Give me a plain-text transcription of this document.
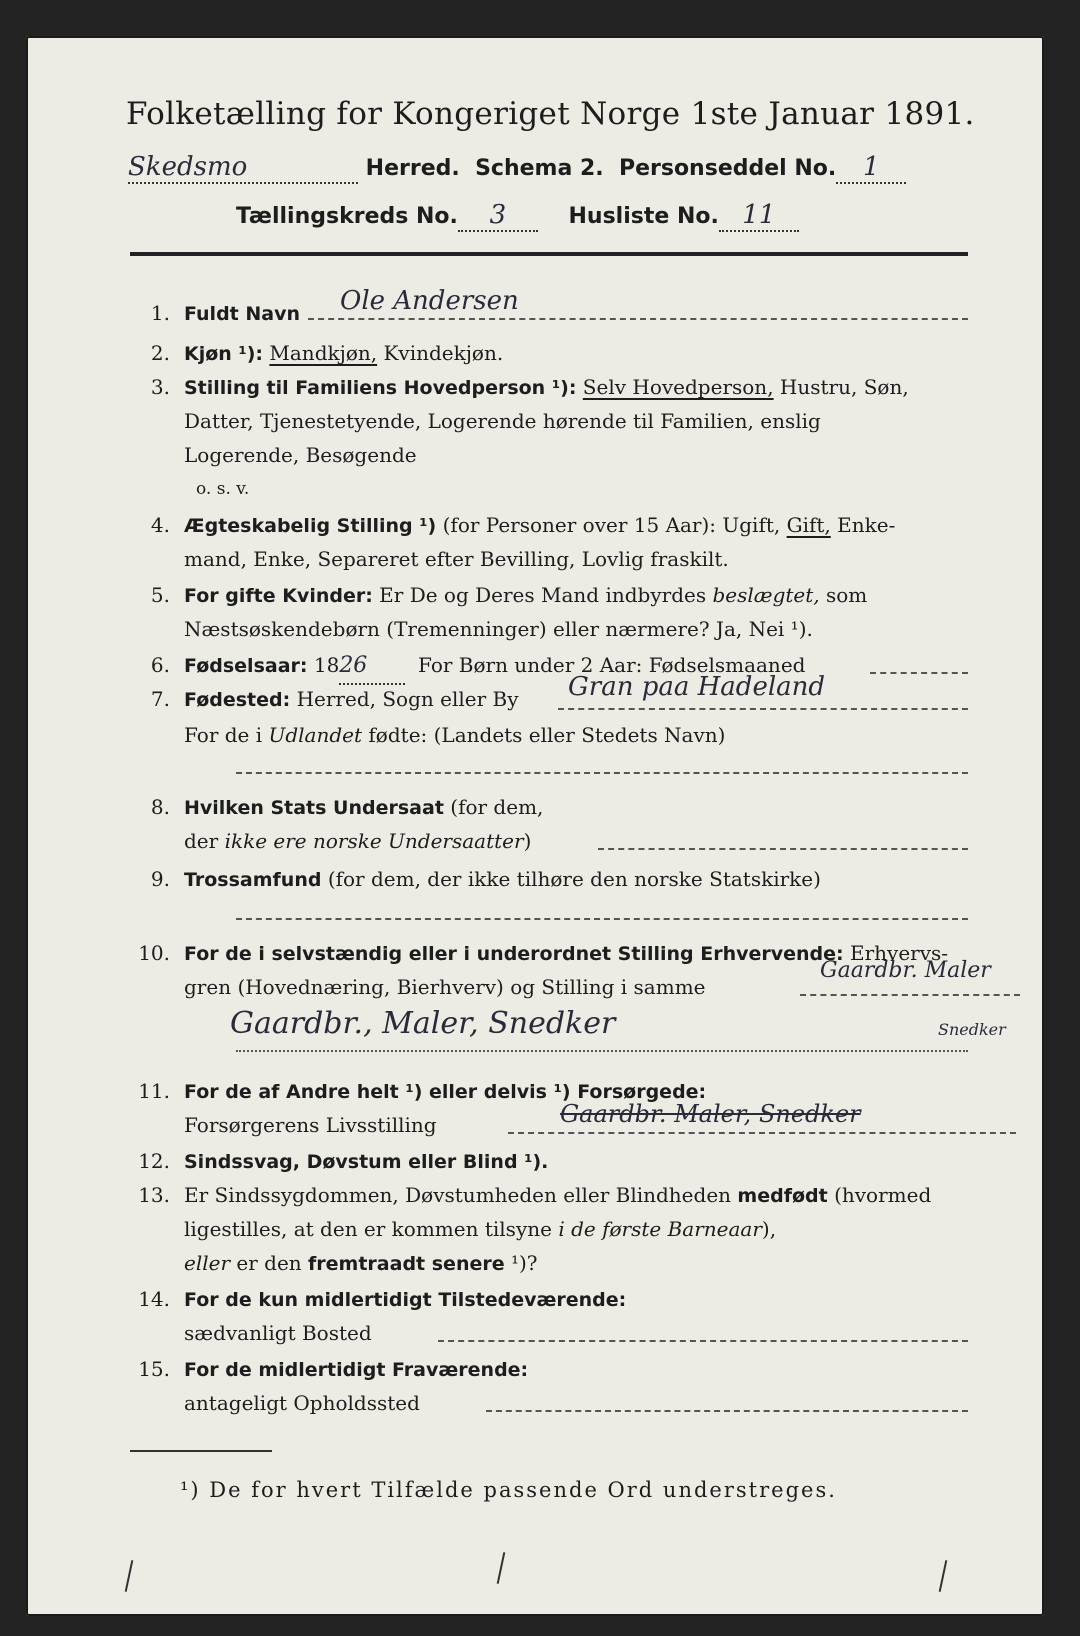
Folketælling for Kongeriget Norge 1ste Januar 1891.
Skedsmo	Herred. Schema 2. Personseddel No. 1
Tællingskreds No. 3	Husliste No. 11
1. Fuldt Navn	Ole Andersen
2. Kjøn ¹): Mandkjøn, Kvindekjøn.
3. Stilling til Familiens Hovedperson ¹): Selv Hovedperson, Hustru, Søn,
Datter, Tjenestetyende, Logerende hørende til Familien, enslig
Logerende, Besøgende
o. s. v.
4. Ægteskabelig Stilling ¹) (for Personer over 15 Aar): Ugift, Gift, Enke-
mand, Enke, Separeret efter Bevilling, Lovlig fraskilt.
5. For gifte Kvinder: Er De og Deres Mand indbyrdes beslægtet, som
Næstsøskendebørn (Tremenninger) eller nærmere? Ja, Nei ¹).
6. Fødselsaar: 1826	For Børn under 2 Aar: Fødselsmaaned
7. Fødested: Herred, Sogn eller By	Gran paa Hadeland
For de i Udlandet fødte: (Landets eller Stedets Navn)
8. Hvilken Stats Undersaat (for dem,
der ikke ere norske Undersaatter)
9. Trossamfund (for dem, der ikke tilhøre den norske Statskirke)
10. For de i selvstændig eller i underordnet Stilling Erhvervende: Erhvervs-
gren (Hovednæring, Bierhverv) og Stilling i samme
Gaardbr. Maler
Gaardbr., Maler, Snedker	Snedker
11. For de af Andre helt ¹) eller delvis ¹) Forsørgede:
Forsørgerens Livsstilling	Gaardbr. Maler, Snedker
12. Sindssvag, Døvstum eller Blind ¹).
13. Er Sindssygdommen, Døvstumheden eller Blindheden medfødt (hvormed
ligestilles, at den er kommen tilsyne i de første Barneaar),
eller er den fremtraadt senere ¹)?
14. For de kun midlertidigt Tilstedeværende:
sædvanligt Bosted
15. For de midlertidigt Fraværende:
antageligt Opholdssted
¹) De for hvert Tilfælde passende Ord understreges.
